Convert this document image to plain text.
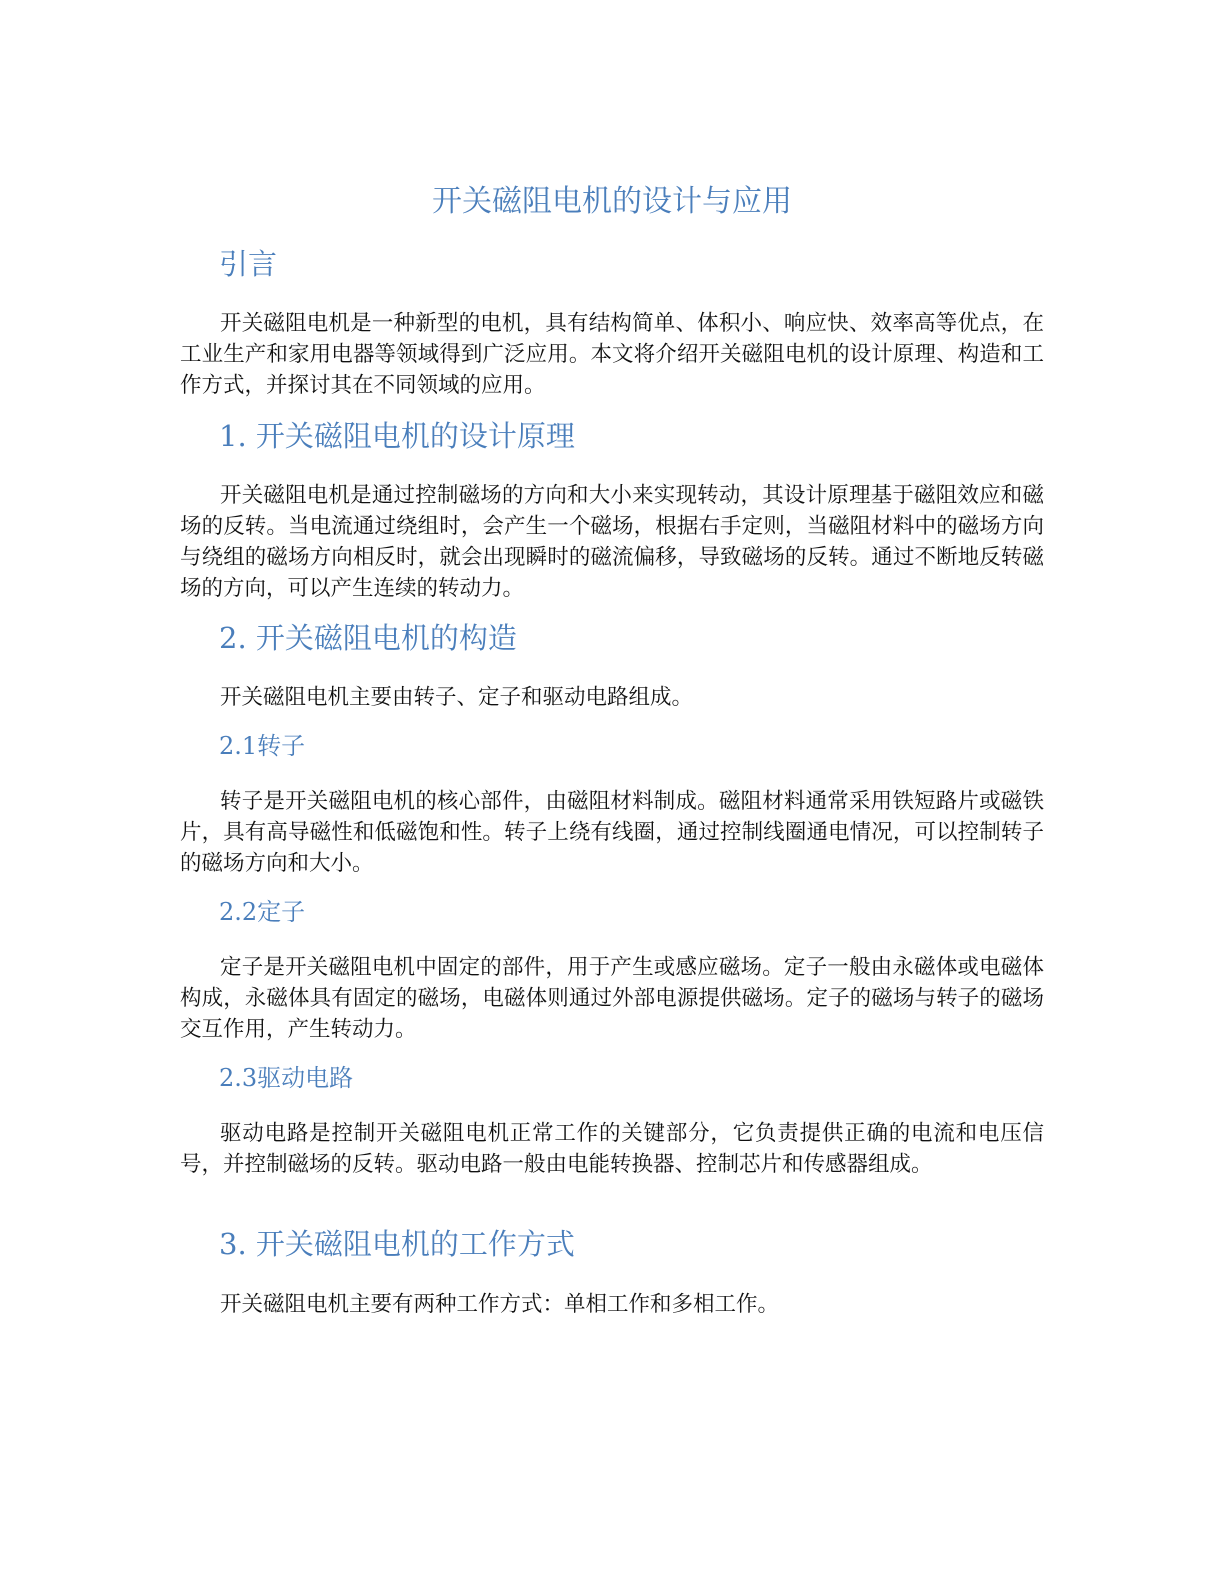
开关磁阻电机的设计与应用
引言

开关磁阻电机是一种新型的电机，具有结构简单、体积小、响应快、效率高等优点，在工业生产和家用电器等领域得到广泛应用。本文将介绍开关磁阻电机的设计原理、构造和工作方式，并探讨其在不同领域的应用。

1. 开关磁阻电机的设计原理

开关磁阻电机是通过控制磁场的方向和大小来实现转动，其设计原理基于磁阻效应和磁场的反转。当电流通过绕组时，会产生一个磁场，根据右手定则，当磁阻材料中的磁场方向与绕组的磁场方向相反时，就会出现瞬时的磁流偏移，导致磁场的反转。通过不断地反转磁场的方向，可以产生连续的转动力。

2. 开关磁阻电机的构造

开关磁阻电机主要由转子、定子和驱动电路组成。

2.1转子

转子是开关磁阻电机的核心部件，由磁阻材料制成。磁阻材料通常采用铁短路片或磁铁片，具有高导磁性和低磁饱和性。转子上绕有线圈，通过控制线圈通电情况，可以控制转子的磁场方向和大小。

2.2定子

定子是开关磁阻电机中固定的部件，用于产生或感应磁场。定子一般由永磁体或电磁体构成，永磁体具有固定的磁场，电磁体则通过外部电源提供磁场。定子的磁场与转子的磁场交互作用，产生转动力。

2.3驱动电路

驱动电路是控制开关磁阻电机正常工作的关键部分，它负责提供正确的电流和电压信号，并控制磁场的反转。驱动电路一般由电能转换器、控制芯片和传感器组成。

3. 开关磁阻电机的工作方式

开关磁阻电机主要有两种工作方式：单相工作和多相工作。
